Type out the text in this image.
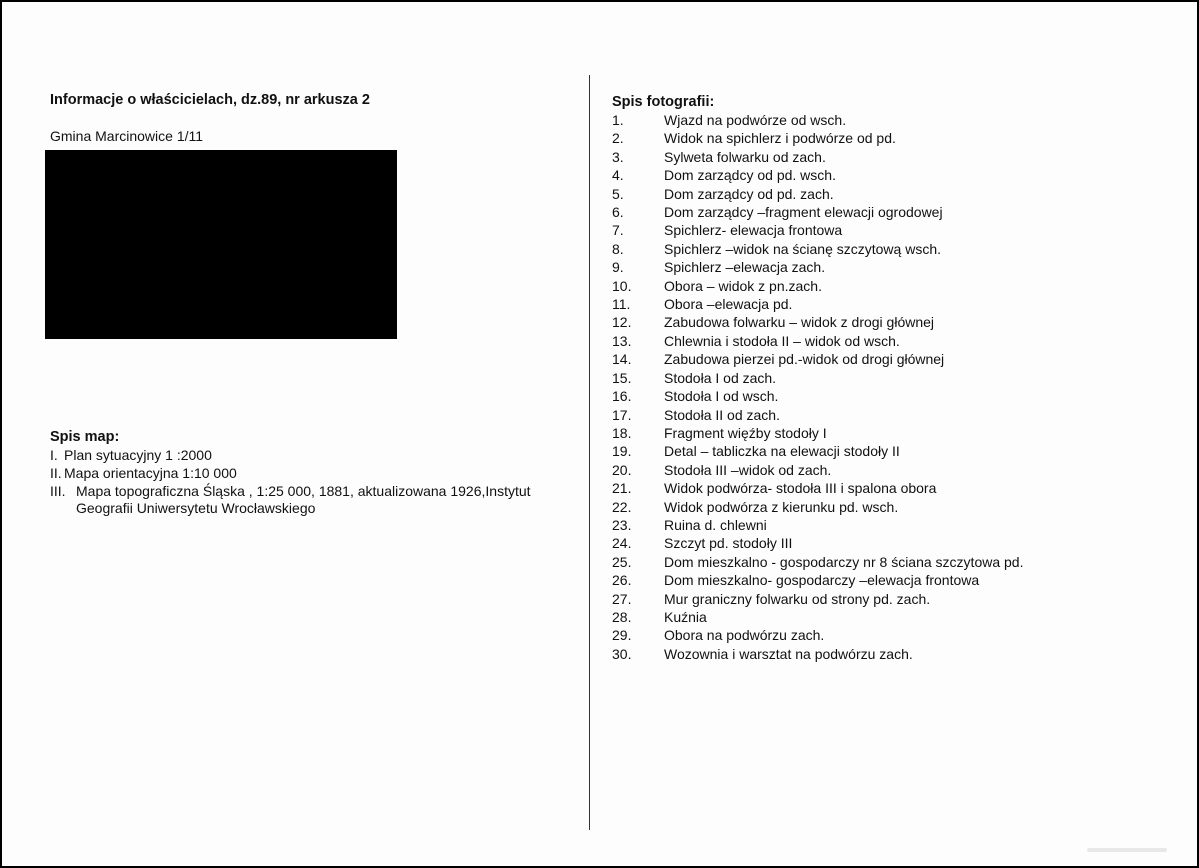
Informacje o właścicielach, dz.89, nr arkusza 2
Gmina Marcinowice 1/11
Spis map:
I. Plan sytuacyjny 1 :2000
II. Mapa orientacyjna 1:10 000
III. Mapa topograficzna Śląska , 1:25 000, 1881, aktualizowana 1926,Instytut Geografii Uniwersytetu Wrocławskiego
Spis fotografii:
1.	Wjazd na podwórze od wsch.
2.	Widok na spichlerz i podwórze od pd.
3.	Sylweta folwarku od zach.
4.	Dom zarządcy od pd. wsch.
5.	Dom zarządcy od pd. zach.
6.	Dom zarządcy –fragment elewacji ogrodowej
7.	Spichlerz- elewacja frontowa
8.	Spichlerz –widok na ścianę szczytową wsch.
9.	Spichlerz –elewacja zach.
10.	Obora – widok z pn.zach.
11.	Obora –elewacja pd.
12.	Zabudowa folwarku – widok z drogi głównej
13.	Chlewnia i stodoła II – widok od wsch.
14.	Zabudowa pierzei pd.-widok od drogi głównej
15.	Stodoła I od zach.
16.	Stodoła I od wsch.
17.	Stodoła II od zach.
18.	Fragment więźby stodoły I
19.	Detal – tabliczka na elewacji stodoły II
20.	Stodoła III –widok od zach.
21.	Widok podwórza- stodoła III i spalona obora
22.	Widok podwórza z kierunku pd. wsch.
23.	Ruina d. chlewni
24.	Szczyt pd. stodoły III
25.	Dom mieszkalno - gospodarczy nr 8 ściana szczytowa pd.
26.	Dom mieszkalno- gospodarczy –elewacja frontowa
27.	Mur graniczny folwarku od strony pd. zach.
28.	Kuźnia
29.	Obora na podwórzu zach.
30.	Wozownia i warsztat na podwórzu zach.
